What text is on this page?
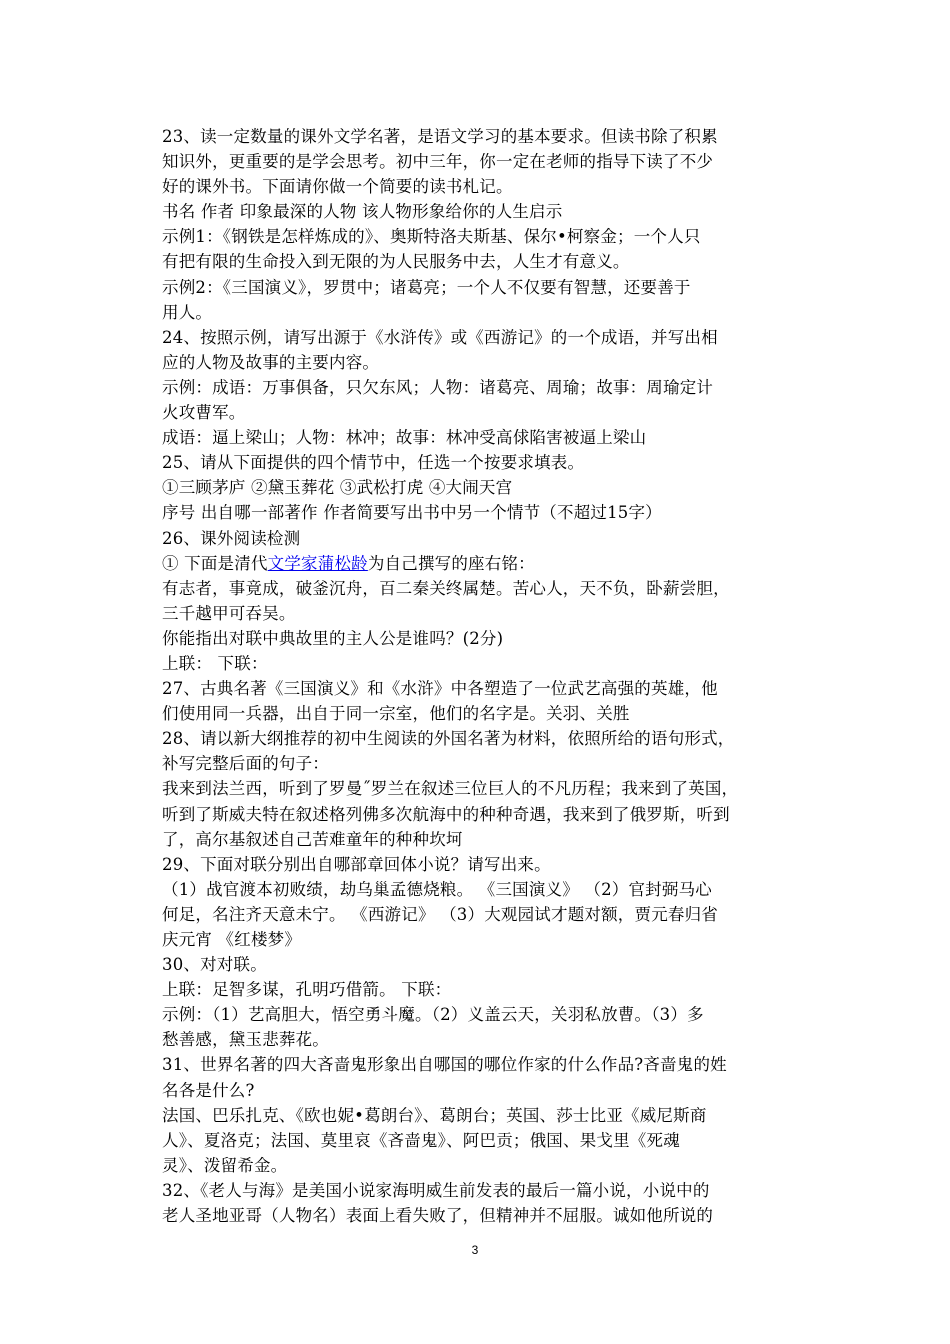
23、读一定数量的课外文学名著，是语文学习的基本要求。但读书除了积累
知识外，更重要的是学会思考。初中三年，你一定在老师的指导下读了不少
好的课外书。下面请你做一个简要的读书札记。
书名 作者 印象最深的人物 该人物形象给你的人生启示
示例1：《钢铁是怎样炼成的》、奥斯特洛夫斯基、保尔•柯察金；一个人只
有把有限的生命投入到无限的为人民服务中去，人生才有意义。
示例2：《三国演义》，罗贯中；诸葛亮；一个人不仅要有智慧，还要善于
用人。
24、按照示例，请写出源于《水浒传》或《西游记》的一个成语，并写出相
应的人物及故事的主要内容。
示例：成语：万事俱备，只欠东风；人物：诸葛亮、周瑜；故事：周瑜定计
火攻曹军。
成语：逼上梁山；人物：林冲；故事：林冲受高俅陷害被逼上梁山
25、请从下面提供的四个情节中，任选一个按要求填表。
①三顾茅庐 ②黛玉葬花 ③武松打虎 ④大闹天宫
序号 出自哪一部著作 作者简要写出书中另一个情节（不超过15字）
26、课外阅读检测
① 下面是清代文学家蒲松龄为自己撰写的座右铭：
有志者，事竟成，破釜沉舟，百二秦关终属楚。苦心人，天不负，卧薪尝胆，
三千越甲可吞吴。
你能指出对联中典故里的主人公是谁吗？(2分)
上联： 下联：
27、古典名著《三国演义》和《水浒》中各塑造了一位武艺高强的英雄，他
们使用同一兵器，出自于同一宗室，他们的名字是。关羽、关胜
28、请以新大纲推荐的初中生阅读的外国名著为材料，依照所给的语句形式，
补写完整后面的句子：
我来到法兰西，听到了罗曼˝罗兰在叙述三位巨人的不凡历程；我来到了英国，
听到了斯威夫特在叙述格列佛多次航海中的种种奇遇，我来到了俄罗斯，听到
了，高尔基叙述自己苦难童年的种种坎坷
29、下面对联分别出自哪部章回体小说？请写出来。
（1）战官渡本初败绩，劫乌巢孟德烧粮。 《三国演义》 （2）官封弼马心
何足，名注齐天意未宁。 《西游记》 （3）大观园试才题对额，贾元春归省
庆元宵 《红楼梦》
30、对对联。
上联：足智多谋，孔明巧借箭。 下联：
示例：（1）艺高胆大，悟空勇斗魔。（2）义盖云天，关羽私放曹。（3）多
愁善感，黛玉悲葬花。
31、世界名著的四大吝啬鬼形象出自哪国的哪位作家的什么作品?吝啬鬼的姓
名各是什么?
法国、巴乐扎克、《欧也妮•葛朗台》、葛朗台；英国、莎士比亚《威尼斯商
人》、夏洛克；法国、莫里哀《吝啬鬼》、阿巴贡；俄国、果戈里《死魂
灵》、泼留希金。
32、《老人与海》是美国小说家海明威生前发表的最后一篇小说，小说中的
老人圣地亚哥（人物名）表面上看失败了，但精神并不屈服。诚如他所说的
3
